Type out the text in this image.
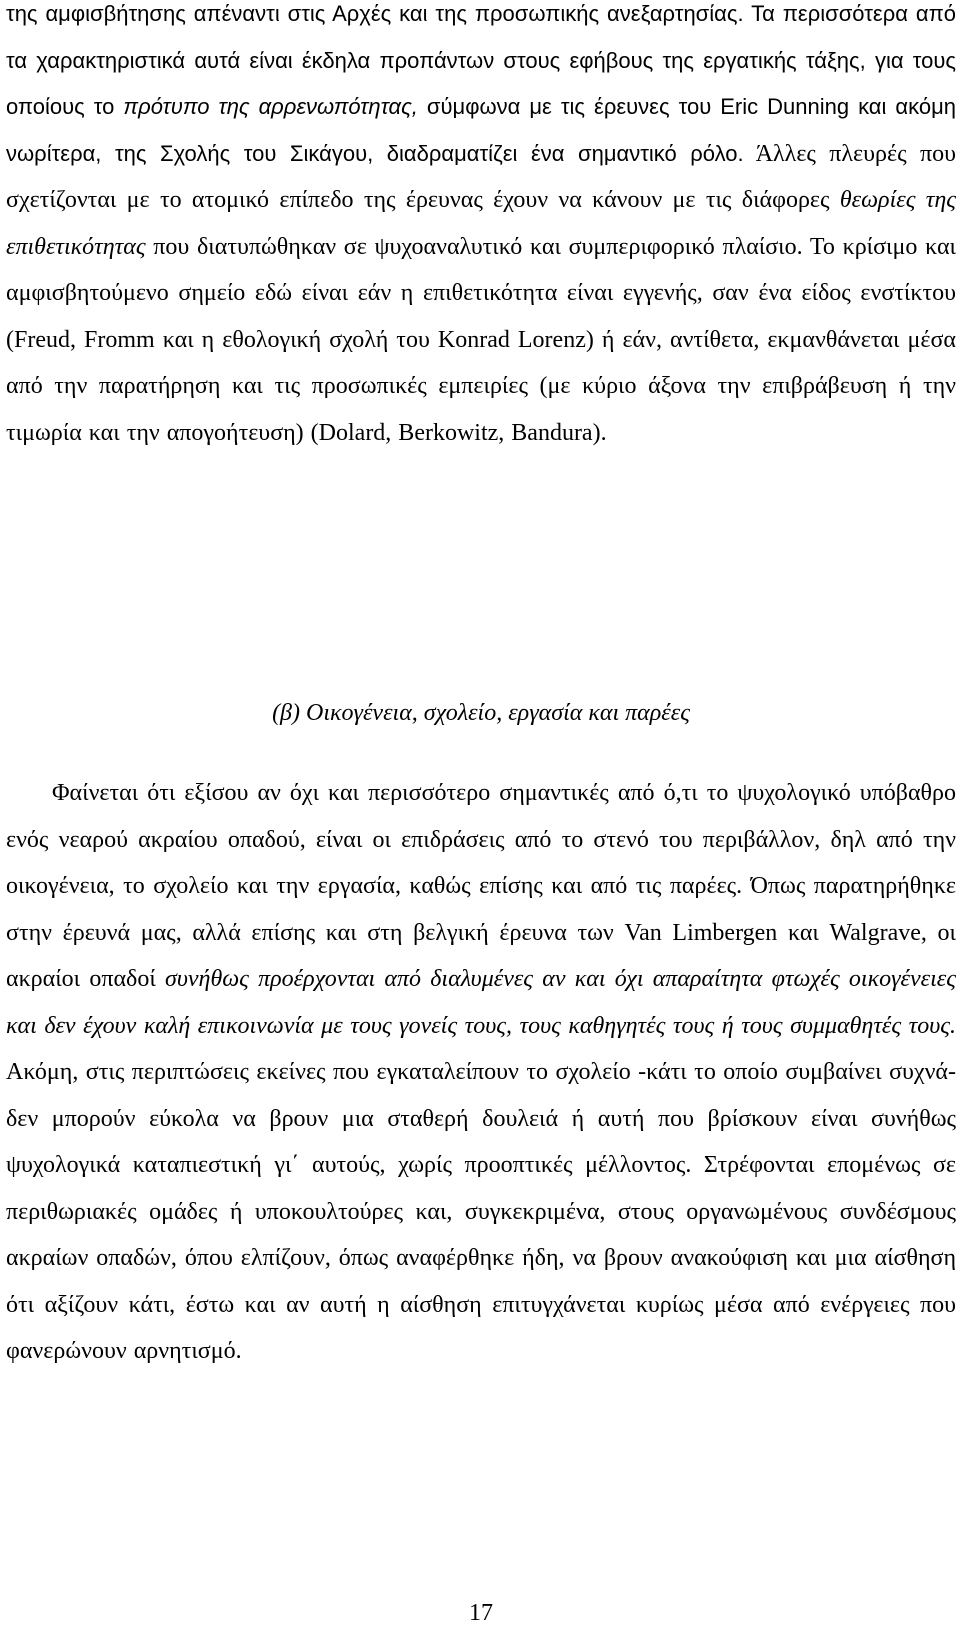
της αμφισβήτησης απέναντι στις Αρχές και της προσωπικής ανεξαρτησίας. Τα περισσότερα από τα χαρακτηριστικά αυτά είναι έκδηλα προπάντων στους εφήβους της εργατικής τάξης, για τους οποίους το πρότυπο της αρρενωπότητας, σύμφωνα με τις έρευνες του Eric Dunning και ακόμη νωρίτερα, της Σχολής του Σικάγου, διαδραματίζει ένα σημαντικό ρόλο. Άλλες πλευρές που σχετίζονται με το ατομικό επίπεδο της έρευνας έχουν να κάνουν με τις διάφορες θεωρίες της επιθετικότητας που διατυπώθηκαν σε ψυχοαναλυτικό και συμπεριφορικό πλαίσιο. Το κρίσιμο και αμφισβητούμενο σημείο εδώ είναι εάν η επιθετικότητα είναι εγγενής, σαν ένα είδος ενστίκτου (Freud, Fromm και η εθολογική σχολή του Konrad Lorenz) ή εάν, αντίθετα, εκμανθάνεται μέσα από την παρατήρηση και τις προσωπικές εμπειρίες (με κύριο άξονα την επιβράβευση ή την τιμωρία και την απογοήτευση) (Dolard, Berkowitz, Bandura).

(β) Οικογένεια, σχολείο, εργασία και παρέες

Φαίνεται ότι εξίσου αν όχι και περισσότερο σημαντικές από ό,τι το ψυχολογικό υπόβαθρο ενός νεαρού ακραίου οπαδού, είναι οι επιδράσεις από το στενό του περιβάλλον, δηλ από την οικογένεια, το σχολείο και την εργασία, καθώς επίσης και από τις παρέες. Όπως παρατηρήθηκε στην έρευνά μας, αλλά επίσης και στη βελγική έρευνα των Van Limbergen και Walgrave, οι ακραίοι οπαδοί συνήθως προέρχονται από διαλυμένες αν και όχι απαραίτητα φτωχές οικογένειες και δεν έχουν καλή επικοινωνία με τους γονείς τους, τους καθηγητές τους ή τους συμμαθητές τους. Ακόμη, στις περιπτώσεις εκείνες που εγκαταλείπουν το σχολείο -κάτι το οποίο συμβαίνει συχνά- δεν μπορούν εύκολα να βρουν μια σταθερή δουλειά ή αυτή που βρίσκουν είναι συνήθως ψυχολογικά καταπιεστική γι΄ αυτούς, χωρίς προοπτικές μέλλοντος. Στρέφονται επομένως σε περιθωριακές ομάδες ή υποκουλτούρες και, συγκεκριμένα, στους οργανωμένους συνδέσμους ακραίων οπαδών, όπου ελπίζουν, όπως αναφέρθηκε ήδη, να βρουν ανακούφιση και μια αίσθηση ότι αξίζουν κάτι, έστω και αν αυτή η αίσθηση επιτυγχάνεται κυρίως μέσα από ενέργειες που φανερώνουν αρνητισμό.

17
